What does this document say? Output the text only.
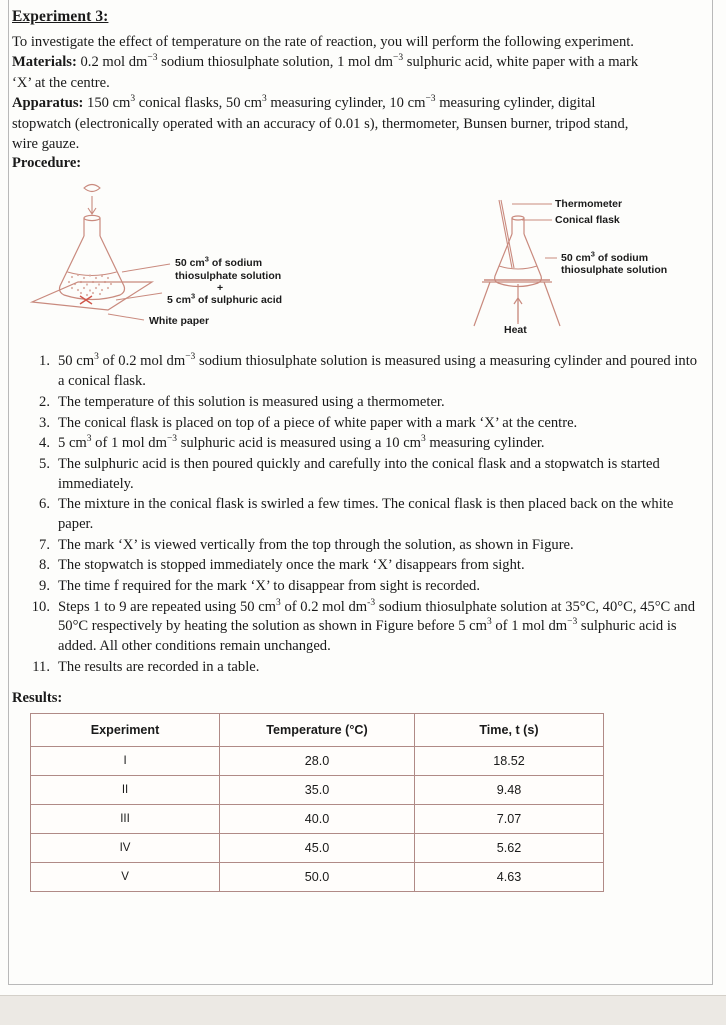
Experiment 3:

To investigate the effect of temperature on the rate of reaction, you will perform the following experiment.

Materials: 0.2 mol $dm^{-3}$ sodium thiosulphate solution, 1 mol $dm^{-3}$ sulphuric acid, white paper with a mark

‘X’ at the centre.

Apparatus: 150 $cm^3$ conical flasks, 50 $cm^3$ measuring cylinder, 10 $cm^{-3}$ measuring cylinder, digital

stopwatch (electronically operated with an accuracy of 0.01 s), thermometer, Bunsen burner, tripod stand,

wire gauze.

Procedure:
50 $cm^3$ of sodium
thiosulphate solution
+
5 $cm^3$ of sulphuric acid
White paper
Thermometer
Conical flask
50 $cm^3$ of sodium
thiosulphate solution
Heat
1. 50 $cm^3$ of 0.2 mol $dm^{-3}$ sodium thiosulphate solution is measured using a measuring cylinder and poured into a conical flask.
2. The temperature of this solution is measured using a thermometer.
3. The conical flask is placed on top of a piece of white paper with a mark ‘X’ at the centre.
4. 5 $cm^3$ of 1 mol $dm^{-3}$ sulphuric acid is measured using a 10 $cm^3$ measuring cylinder.
5. The sulphuric acid is then poured quickly and carefully into the conical flask and a stopwatch is started immediately.
6. The mixture in the conical flask is swirled a few times. The conical flask is then placed back on the white paper.
7. The mark ‘X’ is viewed vertically from the top through the solution, as shown in Figure.
8. The stopwatch is stopped immediately once the mark ‘X’ disappears from sight.
9. The time f required for the mark ‘X’ to disappear from sight is recorded.
10. Steps 1 to 9 are repeated using 50 $cm^3$ of 0.2 mol $dm^{-3}$ sodium thiosulphate solution at 35°C, 40°C, 45°C and 50°C respectively by heating the solution as shown in Figure before 5 $cm^3$ of 1 mol $dm^{-3}$ sulphuric acid is added. All other conditions remain unchanged.
11. The results are recorded in a table.
Results:
Experiment	Temperature (°C)	Time, t (s)
I	28.0	18.52
II	35.0	9.48
III	40.0	7.07
IV	45.0	5.62
V	50.0	4.63
